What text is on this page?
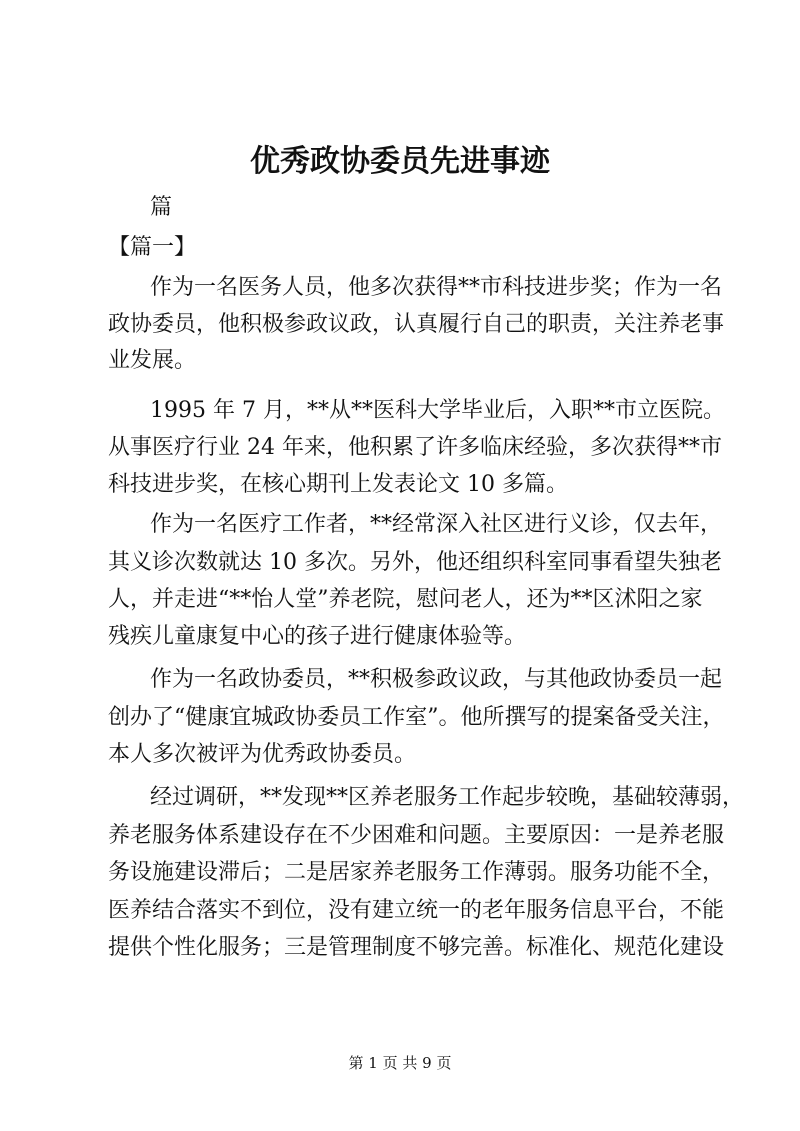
优秀政协委员先进事迹

篇

【篇一】

作为一名医务人员，他多次获得**市科技进步奖；作为一名

政协委员，他积极参政议政，认真履行自己的职责，关注养老事

业发展。

1995 年 7 月，**从**医科大学毕业后，入职**市立医院。

从事医疗行业 24 年来，他积累了许多临床经验，多次获得**市

科技进步奖，在核心期刊上发表论文 10 多篇。

作为一名医疗工作者，**经常深入社区进行义诊，仅去年，

其义诊次数就达 10 多次。另外，他还组织科室同事看望失独老

人，并走进“**怡人堂”养老院，慰问老人，还为**区沭阳之家

残疾儿童康复中心的孩子进行健康体验等。

作为一名政协委员，**积极参政议政，与其他政协委员一起

创办了“健康宜城政协委员工作室”。他所撰写的提案备受关注，

本人多次被评为优秀政协委员。

经过调研，**发现**区养老服务工作起步较晚，基础较薄弱，

养老服务体系建设存在不少困难和问题。主要原因：一是养老服

务设施建设滞后；二是居家养老服务工作薄弱。服务功能不全，

医养结合落实不到位，没有建立统一的老年服务信息平台，不能

提供个性化服务；三是管理制度不够完善。标准化、规范化建设

第 1 页 共 9 页
